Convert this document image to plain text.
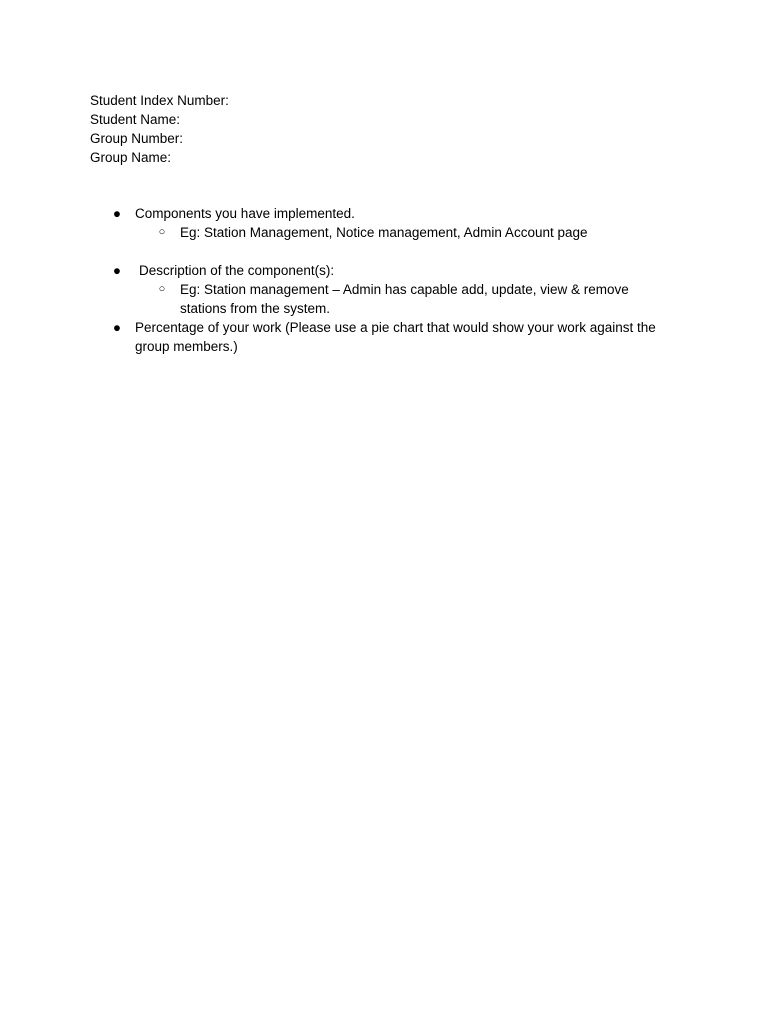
Student Index Number:
Student Name:
Group Number:
Group Name:
● Components you have implemented.
○ Eg: Station Management, Notice management, Admin Account page
● Description of the component(s):
○ Eg: Station management – Admin has capable add, update, view & remove stations from the system.
● Percentage of your work (Please use a pie chart that would show your work against the group members.)
